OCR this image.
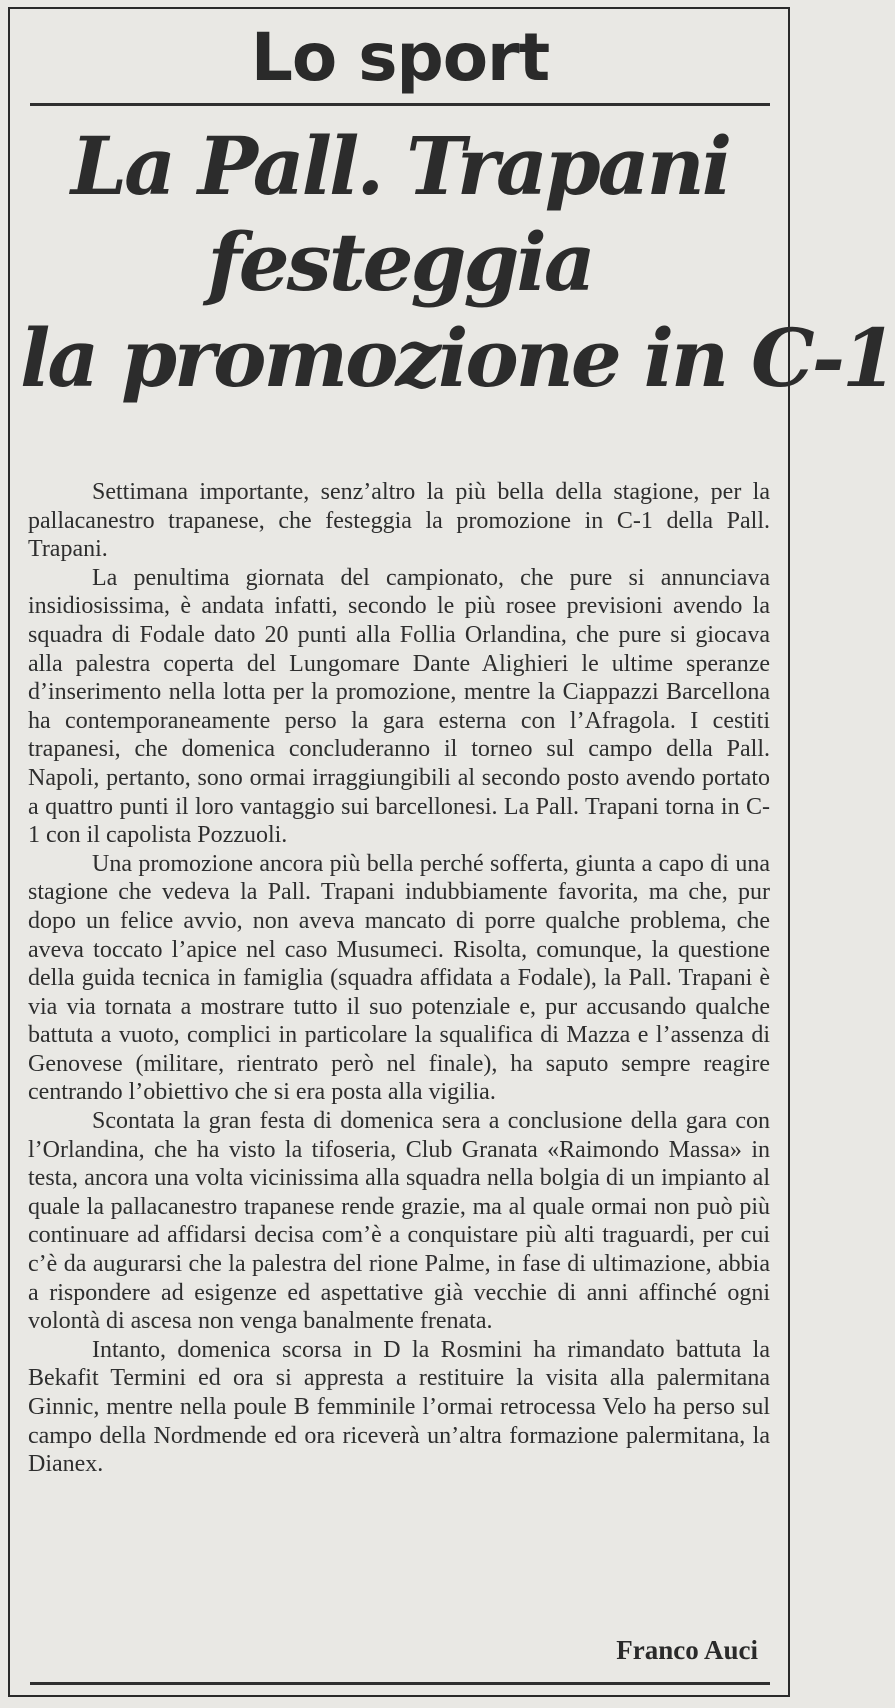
Lo sport
La Pall. Trapani
festeggia
la promozione in C-1

Settimana importante, senz’altro la più bella della stagione, per la pallacanestro trapanese, che festeggia la promozione in C-1 della Pall. Trapani.

La penultima giornata del campionato, che pure si annunciava insidiosissima, è andata infatti, secondo le più rosee previsioni avendo la squadra di Fodale dato 20 punti alla Follia Orlandina, che pure si giocava alla palestra coperta del Lungomare Dante Alighieri le ultime speranze d’inserimento nella lotta per la promozione, mentre la Ciappazzi Barcellona ha contemporaneamente perso la gara esterna con l’Afragola. I cestiti trapanesi, che domenica concluderanno il torneo sul campo della Pall. Napoli, pertanto, sono ormai irraggiungibili al secondo posto avendo portato a quattro punti il loro vantaggio sui barcellonesi. La Pall. Trapani torna in C-1 con il capolista Pozzuoli.

Una promozione ancora più bella perché sofferta, giunta a capo di una stagione che vedeva la Pall. Trapani indubbiamente favorita, ma che, pur dopo un felice avvio, non aveva mancato di porre qualche problema, che aveva toccato l’apice nel caso Musumeci. Risolta, comunque, la questione della guida tecnica in famiglia (squadra affidata a Fodale), la Pall. Trapani è via via tornata a mostrare tutto il suo potenziale e, pur accusando qualche battuta a vuoto, complici in particolare la squalifica di Mazza e l’assenza di Genovese (militare, rientrato però nel finale), ha saputo sempre reagire centrando l’obiettivo che si era posta alla vigilia.

Scontata la gran festa di domenica sera a conclusione della gara con l’Orlandina, che ha visto la tifoseria, Club Granata «Raimondo Massa» in testa, ancora una volta vicinissima alla squadra nella bolgia di un impianto al quale la pallacanestro trapanese rende grazie, ma al quale ormai non può più continuare ad affidarsi decisa com’è a conquistare più alti traguardi, per cui c’è da augurarsi che la palestra del rione Palme, in fase di ultimazione, abbia a rispondere ad esigenze ed aspettative già vecchie di anni affinché ogni volontà di ascesa non venga banalmente frenata.

Intanto, domenica scorsa in D la Rosmini ha rimandato battuta la Bekafit Termini ed ora si appresta a restituire la visita alla palermitana Ginnic, mentre nella poule B femminile l’ormai retrocessa Velo ha perso sul campo della Nordmende ed ora riceverà un’altra formazione palermitana, la Dianex.

Franco Auci
